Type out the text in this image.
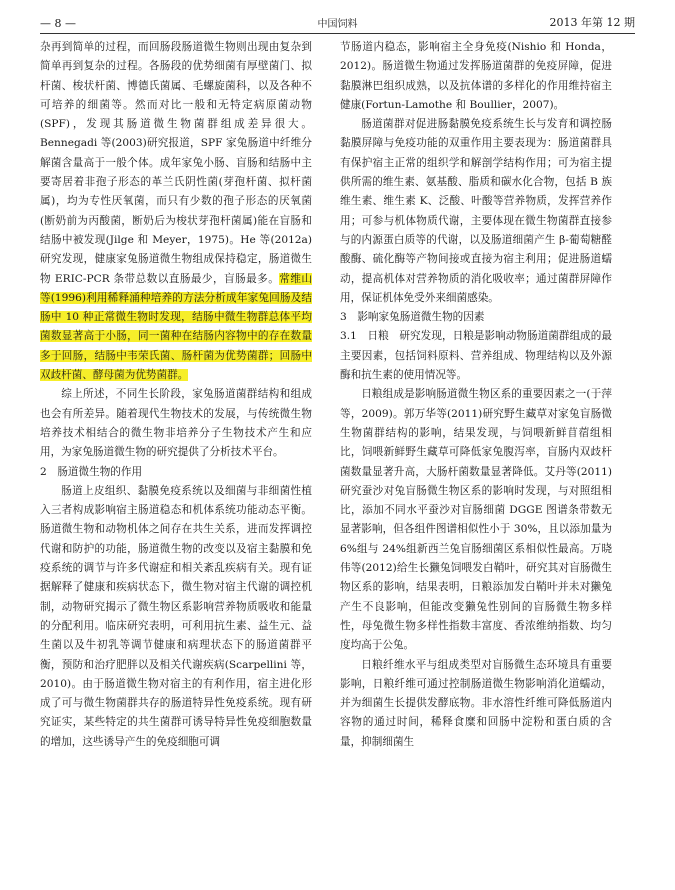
— 8 —	中国饲料	2013 年第 12 期

杂再到简单的过程，而回肠段肠道微生物则出现由复杂到简单再到复杂的过程。各肠段的优势细菌有厚壁菌门、拟杆菌、梭状杆菌、博德氏菌属、毛螺旋菌科，以及各种不可培养的细菌等。然而对比一般和无特定病原菌动物(SPF)，发现其肠道微生物菌群组成差异很大。Bennegadi 等(2003)研究报道，SPF 家兔肠道中纤维分解菌含量高于一般个体。成年家兔小肠、盲肠和结肠中主要寄居着非孢子形态的革兰氏阴性菌(芽孢杆菌、拟杆菌属)，均为专性厌氧菌，而只有少数的孢子形态的厌氧菌(断奶前为丙酸菌，断奶后为梭状芽孢杆菌属)能在盲肠和结肠中被发现(Jilge 和 Meyer，1975)。He 等(2012a)研究发现，健康家兔肠道微生物组成保持稳定，肠道微生物 ERIC-PCR 条带总数以直肠最少，盲肠最多。常维山等(1996)利用稀释涌种培养的方法分析成年家兔回肠及结肠中 10 种正常微生物时发现，结肠中微生物群总体平均菌数显著高于小肠，同一菌种在结肠内容物中的存在数量多于回肠，结肠中韦荣氏菌、肠杆菌为优势菌群；回肠中双歧杆菌、酵母菌为优势菌群。

综上所述，不同生长阶段，家兔肠道菌群结构和组成也会有所差异。随着现代生物技术的发展，与传统微生物培养技术相结合的微生物非培养分子生物技术产生和应用，为家兔肠道微生物的研究提供了分析技术平台。

2　肠道微生物的作用

肠道上皮组织、黏膜免疫系统以及细菌与非细菌性植入三者构成影响宿主肠道稳态和机体系统功能动态平衡。肠道微生物和动物机体之间存在共生关系，进而发挥调控代谢和防护的功能，肠道微生物的改变以及宿主黏膜和免疫系统的调节与许多代谢症和相关紊乱疾病有关。现有证据解释了健康和疾病状态下，微生物对宿主代谢的调控机制，动物研究揭示了微生物区系影响营养物质吸收和能量的分配利用。临床研究表明，可利用抗生素、益生元、益生菌以及牛初乳等调节健康和病理状态下的肠道菌群平衡，预防和治疗肥胖以及相关代谢疾病(Scarpellini 等，2010)。由于肠道微生物对宿主的有利作用，宿主进化形成了可与微生物菌群共存的肠道特异性免疫系统。现有研究证实，某些特定的共生菌群可诱导特异性免疫细胞数量的增加，这些诱导产生的免疫细胞可调

节肠道内稳态，影响宿主全身免疫(Nishio 和 Honda，2012)。肠道微生物通过发挥肠道菌群的免疫屏障，促进黏膜淋巴组织成熟，以及抗体谱的多样化的作用维持宿主健康(Fortun-Lamothe 和 Boullier，2007)。

肠道菌群对促进肠黏膜免疫系统生长与发育和调控肠黏膜屏障与免疫功能的双重作用主要表现为：肠道菌群具有保护宿主正常的组织学和解剖学结构作用；可为宿主提供所需的维生素、氨基酸、脂质和碳水化合物，包括 B 族维生素、维生素 K、泛酸、叶酸等营养物质，发挥营养作用；可参与机体物质代谢，主要体现在微生物菌群直接参与的内源蛋白质等的代谢，以及肠道细菌产生 β-葡萄糖醛酸酶、硫化酶等产物间接或直接为宿主利用；促进肠道蠕动，提高机体对营养物质的消化吸收率；通过菌群屏障作用，保证机体免受外来细菌感染。

3　影响家兔肠道微生物的因素

3.1　日粮　 研究发现，日粮是影响动物肠道菌群组成的最主要因素，包括饲料原料、营养组成、物理结构以及外源酶和抗生素的使用情况等。

日粮组成是影响肠道微生物区系的重要因素之一(于萍等，2009)。郭万华等(2011)研究野生藏草对家兔盲肠微生物菌群结构的影响，结果发现，与饲喂新鲜苜蓿组相比，饲喂新鲜野生藏草可降低家兔腹泻率，盲肠内双歧杆菌数量显著升高，大肠杆菌数量显著降低。艾丹等(2011)研究蚕沙对兔盲肠微生物区系的影响时发现，与对照组相比，添加不同水平蚕沙对盲肠细菌 DGGE 图谱条带数无显著影响，但各组件图谱相似性小于 30%，且以添加量为 6%组与 24%组新西兰兔盲肠细菌区系相似性最高。万晓伟等(2012)给生长獭兔饲喂发白鞘叶，研究其对盲肠微生物区系的影响，结果表明，日粮添加发白鞘叶并未对獭兔产生不良影响，但能改变獭兔性别间的盲肠微生物多样性，母兔微生物多样性指数丰富度、香浓维纳指数、均匀度均高于公兔。

日粮纤维水平与组成类型对盲肠微生态环境具有重要影响，日粮纤维可通过控制肠道微生物影响消化道蠕动，并为细菌生长提供发酵底物。非水溶性纤维可降低肠道内容物的通过时间，稀释食糜和回肠中淀粉和蛋白质的含量，抑制细菌生
